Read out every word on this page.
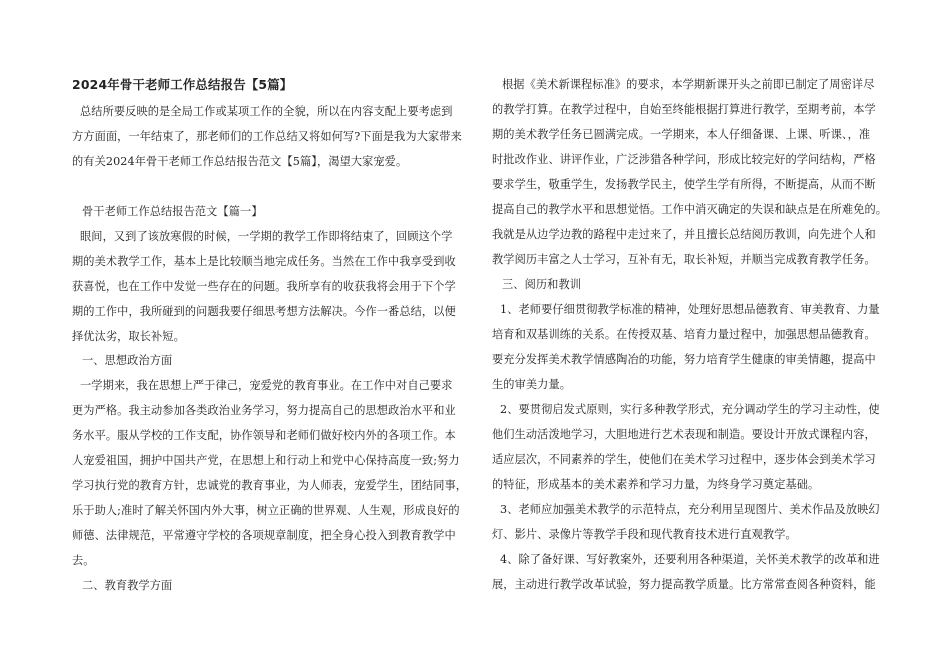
2024年骨干老师工作总结报告【5篇】
总结所要反映的是全局工作或某项工作的全貌，所以在内容支配上要考虑到
方方面面，一年结束了，那老师们的工作总结又将如何写?下面是我为大家带来
的有关2024年骨干老师工作总结报告范文【5篇】，渴望大家宠爱。
骨干老师工作总结报告范文【篇一】
眼间，又到了该放寒假的时候，一学期的教学工作即将结束了，回顾这个学
期的美术教学工作，基本上是比较顺当地完成任务。当然在工作中我享受到收
获喜悦，也在工作中发觉一些存在的问题。我所享有的收获我将会用于下个学
期的工作中，我所碰到的问题我要仔细思考想方法解决。今作一番总结，以便
择优汰劣，取长补短。
一、思想政治方面
一学期来，我在思想上严于律己，宠爱党的教育事业。在工作中对自己要求
更为严格。我主动参加各类政治业务学习，努力提高自己的思想政治水平和业
务水平。服从学校的工作支配，协作领导和老师们做好校内外的各项工作。本
人宠爱祖国，拥护中国共产党，在思想上和行动上和党中心保持高度一致;努力
学习执行党的教育方针，忠诚党的教育事业，为人师表，宠爱学生，团结同事，
乐于助人;准时了解关怀国内外大事，树立正确的世界观、人生观，形成良好的
师德、法律规范，平常遵守学校的各项规章制度，把全身心投入到教育教学中
去。
二、教育教学方面
根据《美术新课程标准》的要求，本学期新课开头之前即已制定了周密详尽
的教学打算。在教学过程中，自始至终能根据打算进行教学，至期考前，本学
期的美术教学任务已圆满完成。一学期来，本人仔细备课、上课、听课、，准
时批改作业、讲评作业，广泛涉猎各种学问，形成比较完好的学问结构，严格
要求学生，敬重学生，发扬教学民主，使学生学有所得，不断提高，从而不断
提高自己的教学水平和思想觉悟。工作中消灭确定的失误和缺点是在所难免的。
我就是从边学边教的路程中走过来了，并且擅长总结阅历教训，向先进个人和
教学阅历丰富之人士学习，互补有无，取长补短，并顺当完成教育教学任务。
三、阅历和教训
1、老师要仔细贯彻教学标准的精神，处理好思想品德教育、审美教育、力量
培育和双基训练的关系。在传授双基、培育力量过程中，加强思想品德教育。
要充分发挥美术教学情感陶冶的功能，努力培育学生健康的审美情趣，提高中
生的审美力量。
2、要贯彻启发式原则，实行多种教学形式，充分调动学生的学习主动性，使
他们生动活泼地学习，大胆地进行艺术表现和制造。要设计开放式课程内容，
适应层次，不同素养的学生，使他们在美术学习过程中，逐步体会到美术学习
的特征，形成基本的美术素养和学习力量，为终身学习奠定基础。
3、老师应加强美术教学的示范特点，充分利用呈现图片、美术作品及放映幻
灯、影片、录像片等教学手段和现代教育技术进行直观教学。
4、除了备好课、写好教案外，还要利用各种渠道，关怀美术教学的改革和进
展，主动进行教学改革试验，努力提高教学质量。比方常常查阅各种资料，能
